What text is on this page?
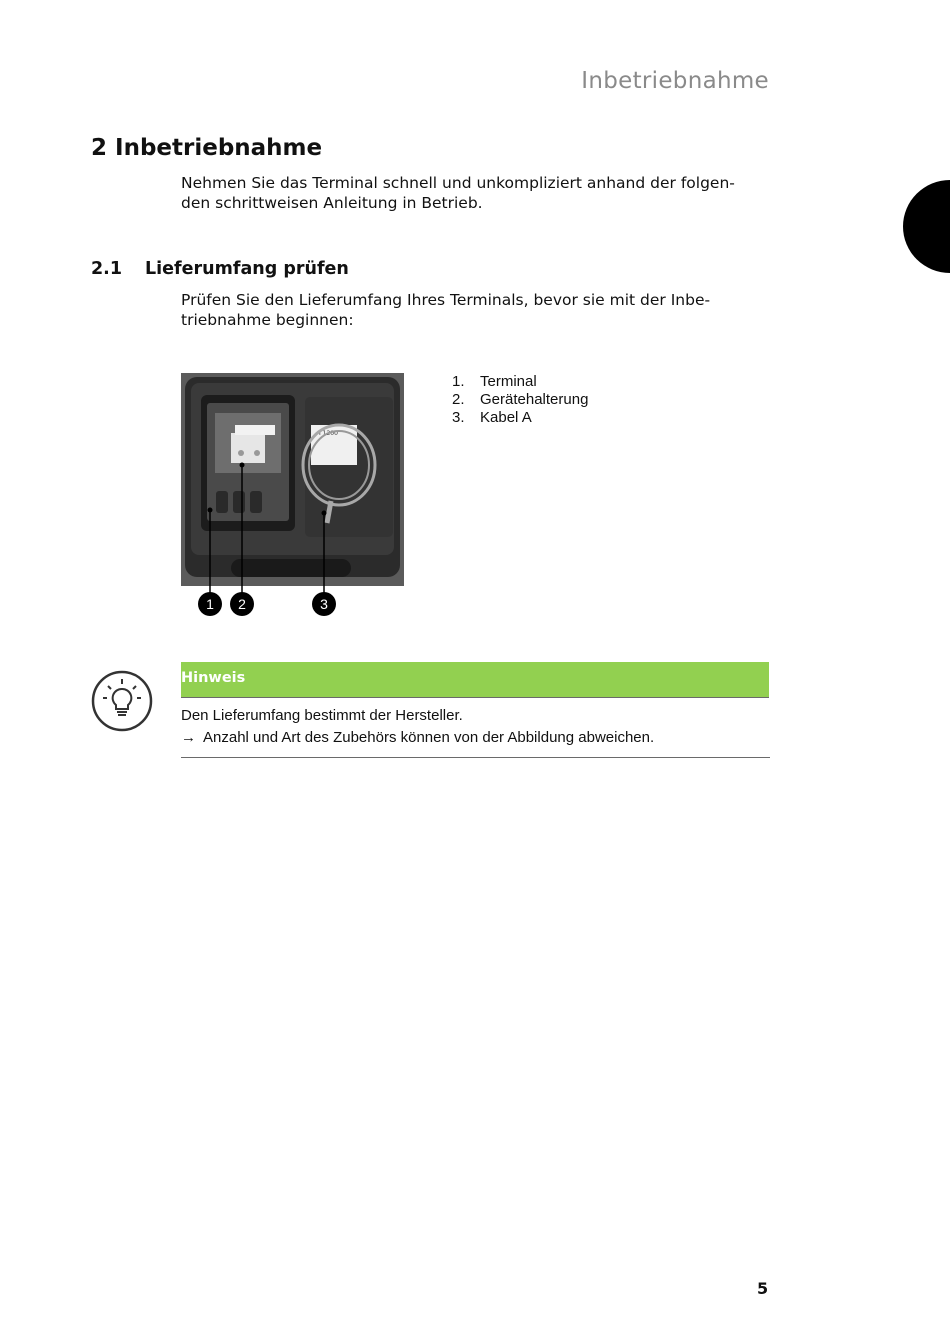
Inbetriebnahme
2 Inbetriebnahme

Nehmen Sie das Terminal schnell und unkompliziert anhand der folgen-
den schrittweisen Anleitung in Betrieb.

2.1 Lieferumfang prüfen

Prüfen Sie den Lieferumfang Ihres Terminals, bevor sie mit der Inbe-
triebnahme beginnen:

I 1200
1 2	3
1.	Terminal
2.	Gerätehalterung
3.	Kabel A
Hinweis
Den Lieferumfang bestimmt der Hersteller.
→ Anzahl und Art des Zubehörs können von der Abbildung abweichen.
5
